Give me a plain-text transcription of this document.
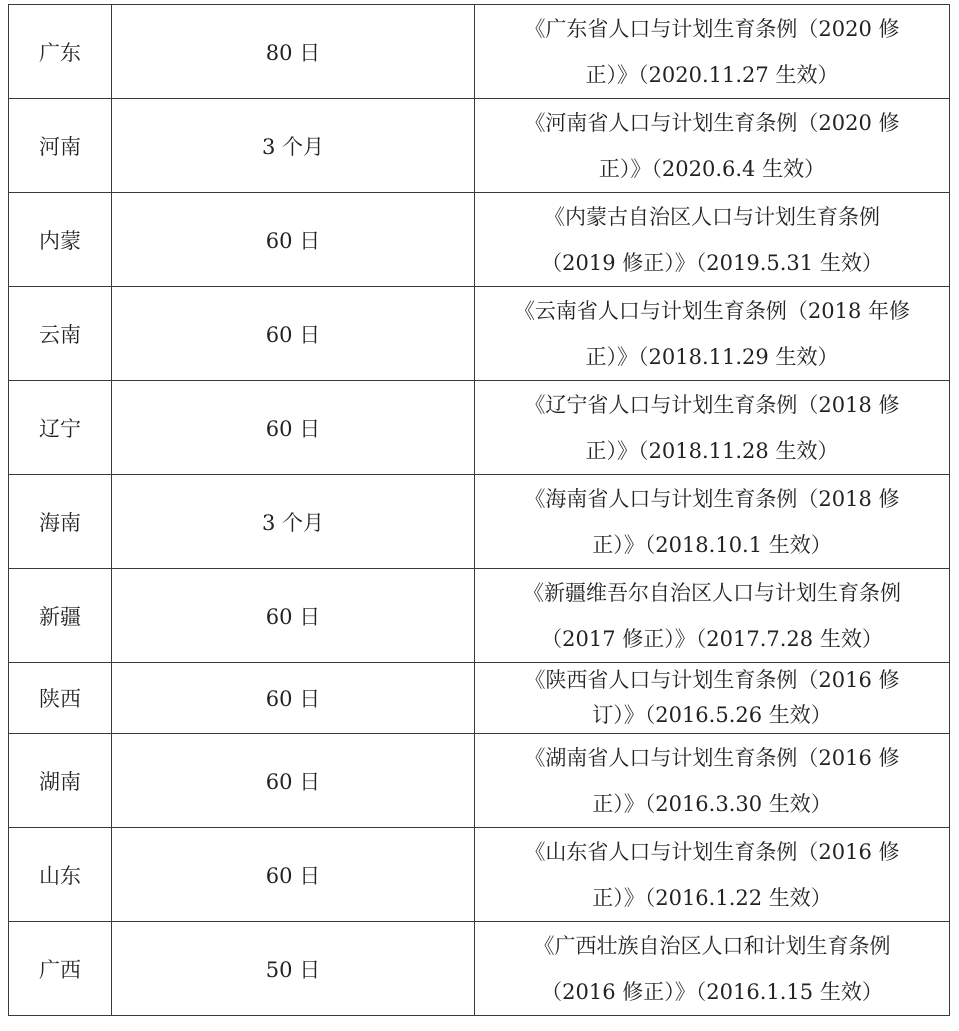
广东	80 日	《广东省人口与计划生育条例（2020 修
正）》（2020.11.27 生效）

河南	3 个月	《河南省人口与计划生育条例（2020 修
正）》（2020.6.4 生效）

内蒙	60 日	《内蒙古自治区人口与计划生育条例
（2019 修正）》（2019.5.31 生效）

云南	60 日	《云南省人口与计划生育条例（2018 年修
正）》（2018.11.29 生效）

辽宁	60 日	《辽宁省人口与计划生育条例（2018 修
正）》（2018.11.28 生效）

海南	3 个月	《海南省人口与计划生育条例（2018 修
正）》（2018.10.1 生效）

新疆	60 日	《新疆维吾尔自治区人口与计划生育条例
（2017 修正）》（2017.7.28 生效）

陕西	60 日	《陕西省人口与计划生育条例（2016 修
订）》（2016.5.26 生效）

湖南	60 日	《湖南省人口与计划生育条例（2016 修
正）》（2016.3.30 生效）

山东	60 日	《山东省人口与计划生育条例（2016 修
正）》（2016.1.22 生效）

广西	50 日	《广西壮族自治区人口和计划生育条例
（2016 修正）》（2016.1.15 生效）
